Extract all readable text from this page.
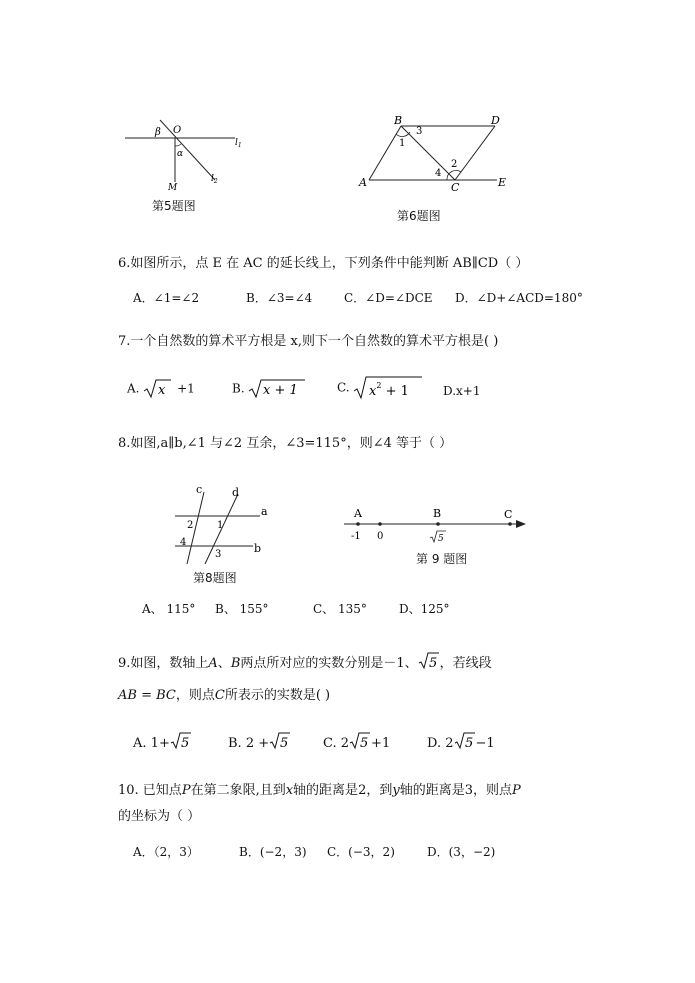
β O
α
$l_1$
M
$l_2$
第5题图
B	D
A	C	E
1
2
3
4
第6题图
6.如图所示，点 E 在 AC 的延长线上，下列条件中能判断 AB∥CD（ ）
A．∠1=∠2	B．∠3=∠4	C．∠D=∠DCE D．∠D+∠ACD=180°
7.一个自然数的算术平方根是 x,则下一个自然数的算术平方根是( )
A. x +1	B. x + 1	C. $x^2 + 1$	D.x+1
8.如图,a∥b,∠1 与∠2 互余，∠3=115°，则∠4 等于（ ）
c	d
a
b
1
2
3
4
第8题图
A	B	C
-1 0	5
第 9 题图
A、 115° B、 155°	C、 135°	D、125°
9.如图，数轴上A、B两点所对应的实数分别是－1、 5 ，若线段
AB = BC，则点C所表示的实数是( )
A. 1+ 5	B. 2 + 5	C. 2 5 +1	D. 2 5 −1
10. 已知点P在第二象限,且到x轴的距离是2，到y轴的距离是3，则点P
的坐标为（ ）
A．（2，3）	B．(−2，3) C．(−3，2)	D．(3，−2)
